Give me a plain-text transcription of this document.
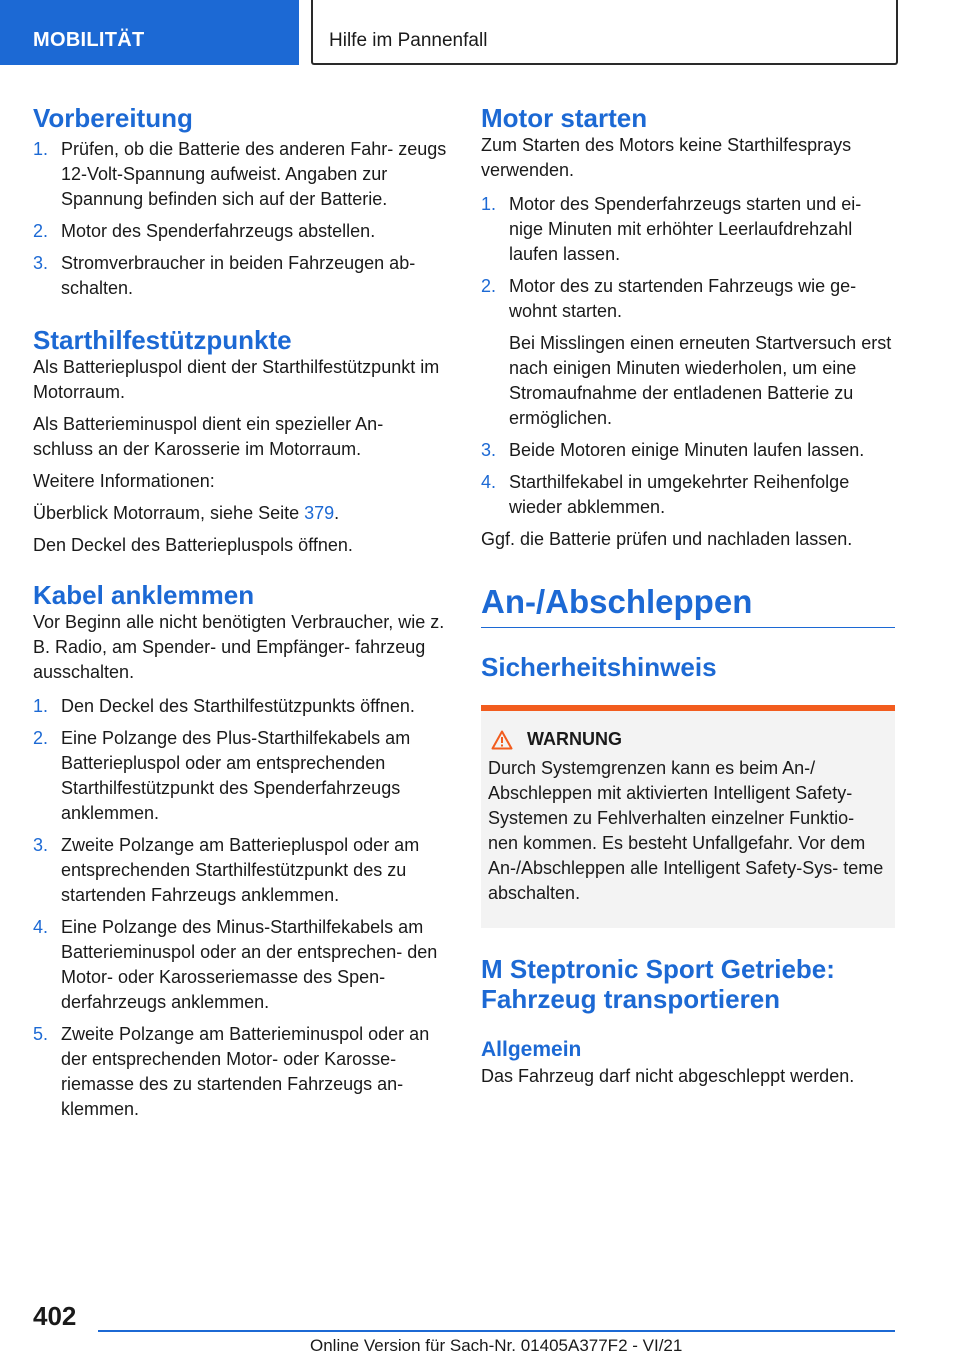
MOBILITÄT	Hilfe im Pannenfall
Vorbereitung
1. Prüfen, ob die Batterie des anderen Fahr- zeugs 12-Volt-Spannung aufweist. Angaben zur Spannung befinden sich auf der Batterie.
2. Motor des Spenderfahrzeugs abstellen.
3. Stromverbraucher in beiden Fahrzeugen ab- schalten.
Starthilfestützpunkte

Als Batteriepluspol dient der Starthilfestützpunkt im Motorraum.

Als Batterieminuspol dient ein spezieller An- schluss an der Karosserie im Motorraum.

Weitere Informationen:

Überblick Motorraum, siehe Seite 379.

Den Deckel des Batteriepluspols öffnen.

Kabel anklemmen

Vor Beginn alle nicht benötigten Verbraucher, wie z. B. Radio, am Spender- und Empfänger- fahrzeug ausschalten.

1. Den Deckel des Starthilfestützpunkts öffnen.
2. Eine Polzange des Plus-Starthilfekabels am Batteriepluspol oder am entsprechenden Starthilfestützpunkt des Spenderfahrzeugs anklemmen.
3. Zweite Polzange am Batteriepluspol oder am entsprechenden Starthilfestützpunkt des zu startenden Fahrzeugs anklemmen.
4. Eine Polzange des Minus-Starthilfekabels am Batterieminuspol oder an der entsprechen- den Motor- oder Karosseriemasse des Spen- derfahrzeugs anklemmen.
5. Zweite Polzange am Batterieminuspol oder an der entsprechenden Motor- oder Karosse- riemasse des zu startenden Fahrzeugs an- klemmen.
Motor starten

Zum Starten des Motors keine Starthilfesprays verwenden.

1. Motor des Spenderfahrzeugs starten und ei- nige Minuten mit erhöhter Leerlaufdrehzahl laufen lassen.
2. Motor des zu startenden Fahrzeugs wie ge- wohnt starten.
Bei Misslingen einen erneuten Startversuch erst nach einigen Minuten wiederholen, um eine Stromaufnahme der entladenen Batterie zu ermöglichen.
3. Beide Motoren einige Minuten laufen lassen.
4. Starthilfekabel in umgekehrter Reihenfolge wieder abklemmen.

Ggf. die Batterie prüfen und nachladen lassen.

An-/Abschleppen
Sicherheitshinweis
WARNUNG
Durch Systemgrenzen kann es beim An-/ Abschleppen mit aktivierten Intelligent Safety- Systemen zu Fehlverhalten einzelner Funktio- nen kommen. Es besteht Unfallgefahr. Vor dem An-/Abschleppen alle Intelligent Safety-Sys- teme abschalten.
M Steptronic Sport Getriebe: Fahrzeug transportieren
Allgemein

Das Fahrzeug darf nicht abgeschleppt werden.

402
Online Version für Sach-Nr. 01405A377F2 - VI/21
